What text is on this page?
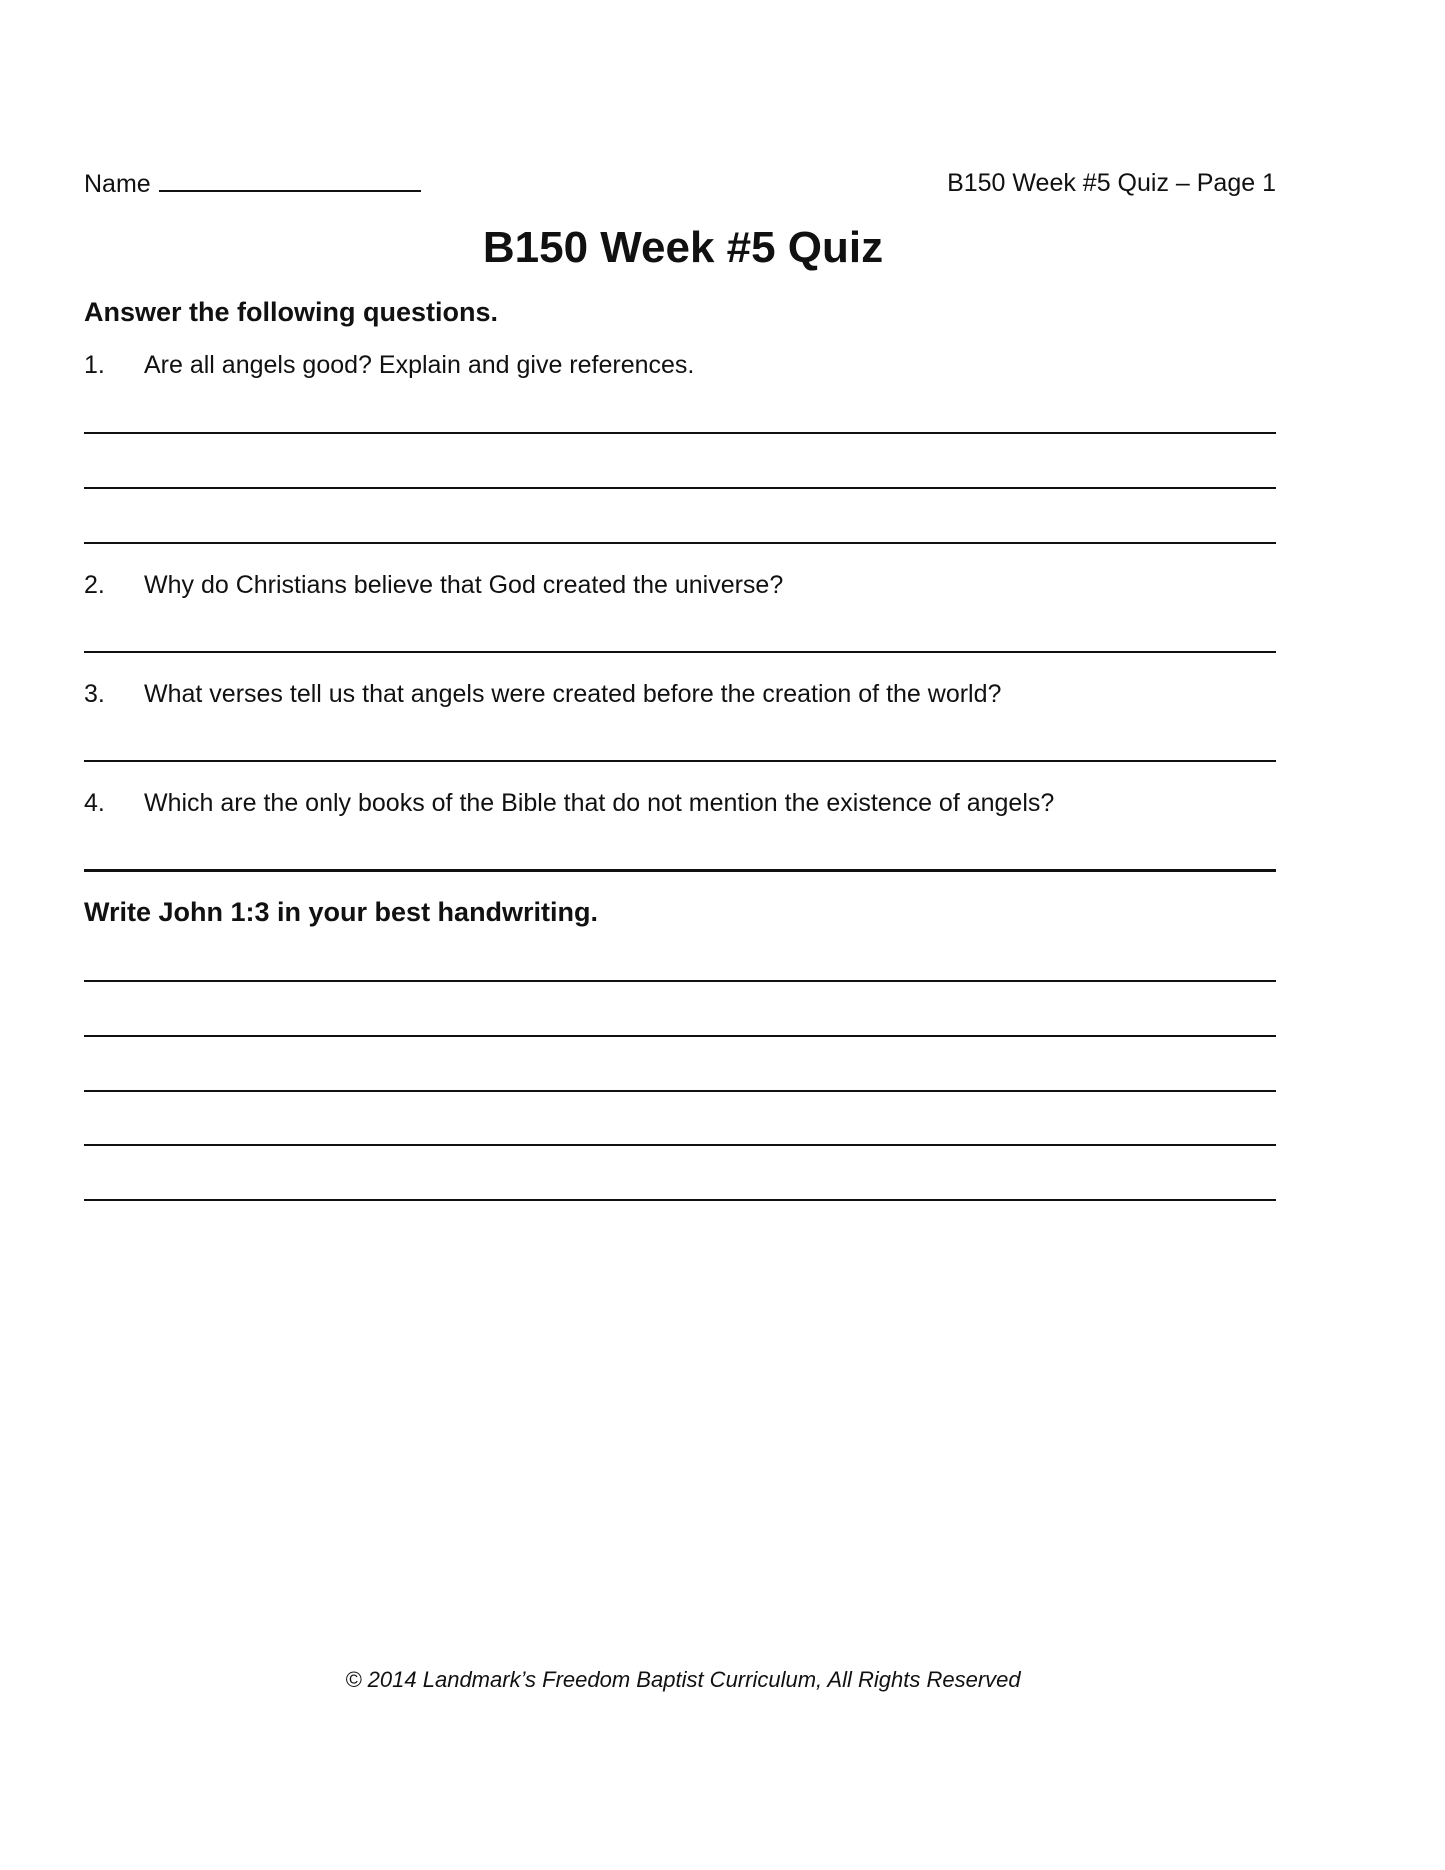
Name	B150 Week #5 Quiz – Page 1
B150 Week #5 Quiz
Answer the following questions.
1. Are all angels good? Explain and give references.
2. Why do Christians believe that God created the universe?
3. What verses tell us that angels were created before the creation of the world?
4. Which are the only books of the Bible that do not mention the existence of angels?
Write John 1:3 in your best handwriting.
© 2014 Landmark’s Freedom Baptist Curriculum, All Rights Reserved
